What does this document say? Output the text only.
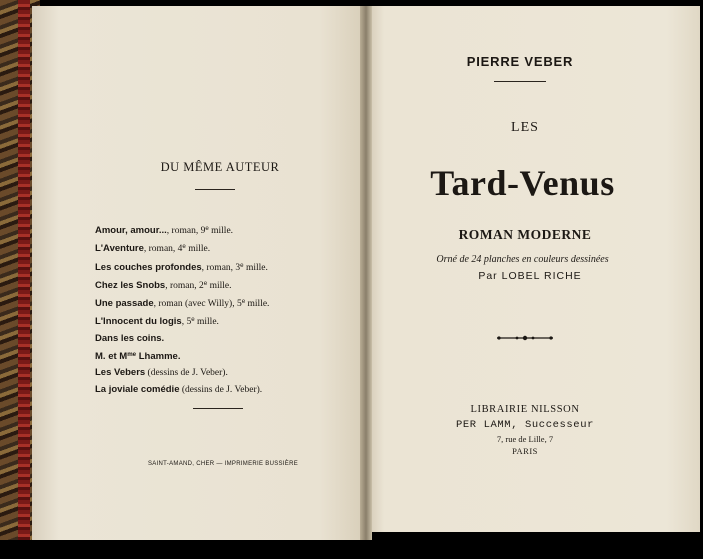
DU MÊME AUTEUR
Amour, amour..., roman, 9e mille.
L'Aventure, roman, 4e mille.
Les couches profondes, roman, 3e mille.
Chez les Snobs, roman, 2e mille.
Une passade, roman (avec Willy), 5e mille.
L'Innocent du logis, 5e mille.
Dans les coins.
M. et $M^{me}$ Lhamme.
Les Vebers (dessins de J. Veber).
La joviale comédie (dessins de J. Veber).
SAINT-AMAND, CHER — IMPRIMERIE BUSSIÈRE
PIERRE VEBER
LES
Tard-Venus
ROMAN MODERNE
Orné de 24 planches en couleurs dessinées
Par LOBEL RICHE
LIBRAIRIE NILSSON
PER LAMM, Successeur
7, rue de Lille, 7
PARIS
